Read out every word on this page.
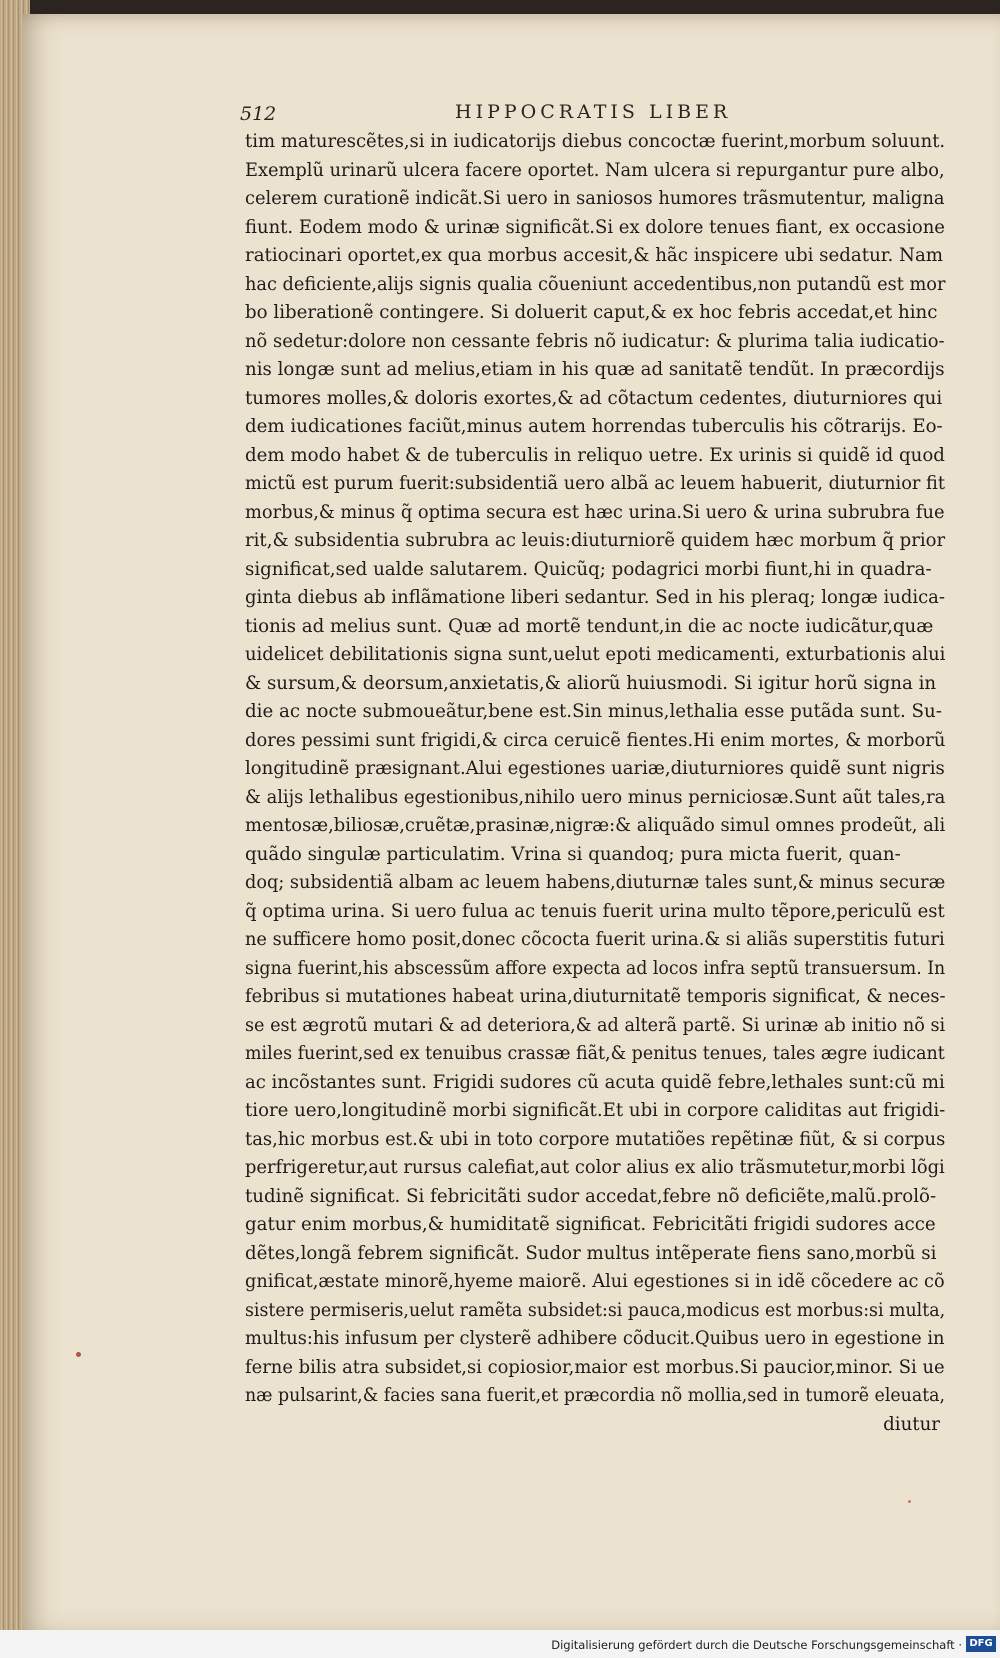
512	HIPPOCRATIS LIBER
tim maturescẽtes,si in iudicatorijs diebus concoctæ fuerint,morbum soluunt.
Exemplũ urinarũ ulcera facere oportet. Nam ulcera si repurgantur pure albo,
celerem curationẽ indicãt.Si uero in saniosos humores trãsmutentur, maligna
fiunt. Eodem modo & urinæ significãt.Si ex dolore tenues fiant, ex occasione
ratiocinari oportet,ex qua morbus accesit,& hãc inspicere ubi sedatur. Nam
hac deficiente,alijs signis qualia cõueniunt accedentibus,non putandũ est mor
bo liberationẽ contingere. Si doluerit caput,& ex hoc febris accedat,et hinc
nõ sedetur:dolore non cessante febris nõ iudicatur: & plurima talia iudicatio-
nis longæ sunt ad melius,etiam in his quæ ad sanitatẽ tendũt. In præcordijs
tumores molles,& doloris exortes,& ad cõtactum cedentes, diuturniores qui
dem iudicationes faciũt,minus autem horrendas tuberculis his cõtrarijs. Eo-
dem modo habet & de tuberculis in reliquo uetre. Ex urinis si quidẽ id quod
mictũ est purum fuerit:subsidentiã uero albã ac leuem habuerit, diuturnior fit
morbus,& minus q̃ optima secura est hæc urina.Si uero & urina subrubra fue
rit,& subsidentia subrubra ac leuis:diuturniorẽ quidem hæc morbum q̃ prior
significat,sed ualde salutarem. Quicũq; podagrici morbi fiunt,hi in quadra-
ginta diebus ab inflãmatione liberi sedantur. Sed in his pleraq; longæ iudica-
tionis ad melius sunt. Quæ ad mortẽ tendunt,in die ac nocte iudicãtur,quæ
uidelicet debilitationis signa sunt,uelut epoti medicamenti, exturbationis alui
& sursum,& deorsum,anxietatis,& aliorũ huiusmodi. Si igitur horũ signa in
die ac nocte submoueãtur,bene est.Sin minus,lethalia esse putãda sunt. Su-
dores pessimi sunt frigidi,& circa ceruicẽ fientes.Hi enim mortes, & morborũ
longitudinẽ præsignant.Alui egestiones uariæ,diuturniores quidẽ sunt nigris
& alijs lethalibus egestionibus,nihilo uero minus perniciosæ.Sunt aũt tales,ra
mentosæ,biliosæ,cruẽtæ,prasinæ,nigræ:& aliquãdo simul omnes prodeũt, ali
quãdo singulæ particulatim. Vrina si quandoq; pura micta fuerit, quan-
doq; subsidentiã albam ac leuem habens,diuturnæ tales sunt,& minus securæ
q̃ optima urina. Si uero fulua ac tenuis fuerit urina multo tẽpore,periculũ est
ne sufficere homo posit,donec cõcocta fuerit urina.& si aliãs superstitis futuri
signa fuerint,his abscessũm affore expecta ad locos infra septũ transuersum. In
febribus si mutationes habeat urina,diuturnitatẽ temporis significat, & neces-
se est ægrotũ mutari & ad deteriora,& ad alterã partẽ. Si urinæ ab initio nõ si
miles fuerint,sed ex tenuibus crassæ fiãt,& penitus tenues, tales ægre iudicant
ac incõstantes sunt. Frigidi sudores cũ acuta quidẽ febre,lethales sunt:cũ mi
tiore uero,longitudinẽ morbi significãt.Et ubi in corpore caliditas aut frigidi-
tas,hic morbus est.& ubi in toto corpore mutatiões repẽtinæ fiũt, & si corpus
perfrigeretur,aut rursus calefiat,aut color alius ex alio trãsmutetur,morbi lõgi
tudinẽ significat. Si febricitãti sudor accedat,febre nõ deficiẽte,malũ.prolõ-
gatur enim morbus,& humiditatẽ significat. Febricitãti frigidi sudores acce
dẽtes,longã febrem significãt. Sudor multus intẽperate fiens sano,morbũ si
gnificat,æstate minorẽ,hyeme maiorẽ. Alui egestiones si in idẽ cõcedere ac cõ
sistere permiseris,uelut ramẽta subsidet:si pauca,modicus est morbus:si multa,
multus:his infusum per clysterẽ adhibere cõducit.Quibus uero in egestione in
ferne bilis atra subsidet,si copiosior,maior est morbus.Si paucior,minor. Si ue
næ pulsarint,& facies sana fuerit,et præcordia nõ mollia,sed in tumorẽ eleuata,
diutur
Digitalisierung gefördert durch die Deutsche Forschungsgemeinschaft · DFG
